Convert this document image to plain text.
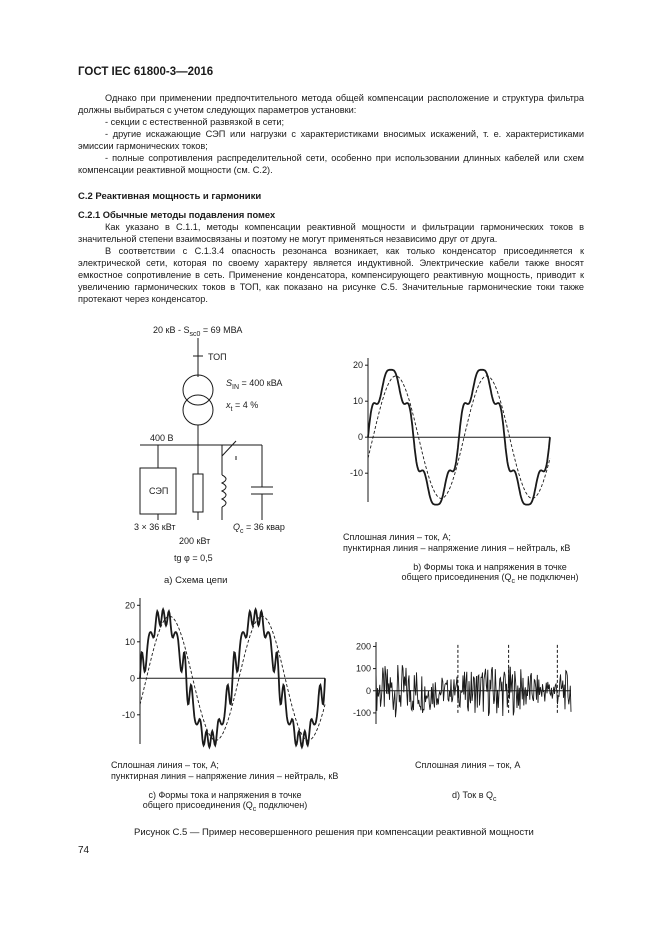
ГОСТ IEC 61800-3—2016

Однако при применении предпочтительного метода общей компенсации расположение и структура фильтра должны выбираться с учетом следующих параметров установки:

- секции с естественной развязкой в сети;

- другие искажающие СЭП или нагрузки с характеристиками вносимых искажений, т. е. характеристиками эмиссии гармонических токов;

- полные сопротивления распределительной сети, особенно при использовании длинных кабелей или схем компенсации реактивной мощности (см. С.2).

С.2 Реактивная мощность и гармоники

С.2.1 Обычные методы подавления помех

Как указано в С.1.1, методы компенсации реактивной мощности и фильтрации гармонических токов в значительной степени взаимосвязаны и поэтому не могут применяться независимо друг от друга.

В соответствии с С.1.3.4 опасность резонанса возникает, как только конденсатор присоединяется к электрической сети, которая по своему характеру является индуктивной. Электрические кабели также вносят емкостное сопротивление в сеть. Применение конденсатора, компенсирующего реактивную мощность, приводит к увеличению гармонических токов в ТОП, как показано на рисунке С.5. Значительные гармонические токи также протекают через конденсатор.

20 кВ - $S_{sc0} = 69$ МВА
ТОП
$S_{IN} = 400$ кВА
$x_t = 4$ %
400 В
СЭП
3 × 36 кВт
200 кВт
$Q_c = 36$ квар
tg φ = 0,5
а) Схема цепи
20
10
0
-10
Сплошная линия – ток, А;
пунктирная линия – напряжение линия – нейтраль, кВ
b) Формы тока и напряжения в точке
общего присоединения ($Q_c$ не подключен)
20
10
0
-10
Сплошная линия – ток, А;
пунктирная линия – напряжение линия – нейтраль, кВ
с) Формы тока и напряжения в точке
общего присоединения ($Q_c$ подключен)
200
100
0
-100
Сплошная линия – ток, А
d) Ток в $Q_c$
Рисунок С.5 — Пример несовершенного решения при компенсации реактивной мощности
74
